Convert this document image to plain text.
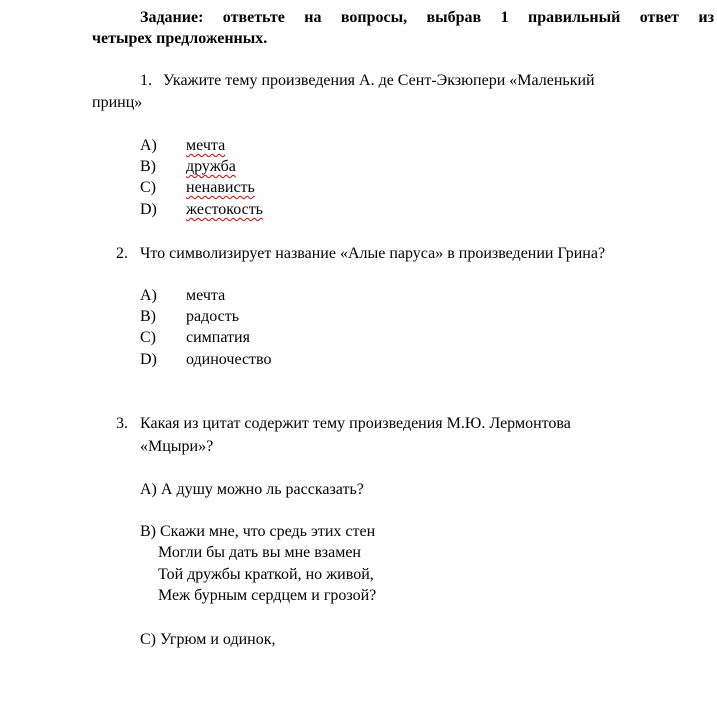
Задание: ответьте на вопросы, выбрав 1 правильный ответ из
четырех предложенных.
1. Укажите тему произведения А. де Сент-Экзюпери «Маленький
принц»
A) мечта
B) дружба
C) ненависть
D) жестокость
2. Что символизирует название «Алые паруса» в произведении Грина?
A) мечта
B) радость
C) симпатия
D) одиночество
3. Какая из цитат содержит тему произведения М.Ю. Лермонтова
«Мцыри»?
A) А душу можно ль рассказать?
B) Скажи мне, что средь этих стен
Могли бы дать вы мне взамен
Той дружбы краткой, но живой,
Меж бурным сердцем и грозой?
C) Угрюм и одинок,
